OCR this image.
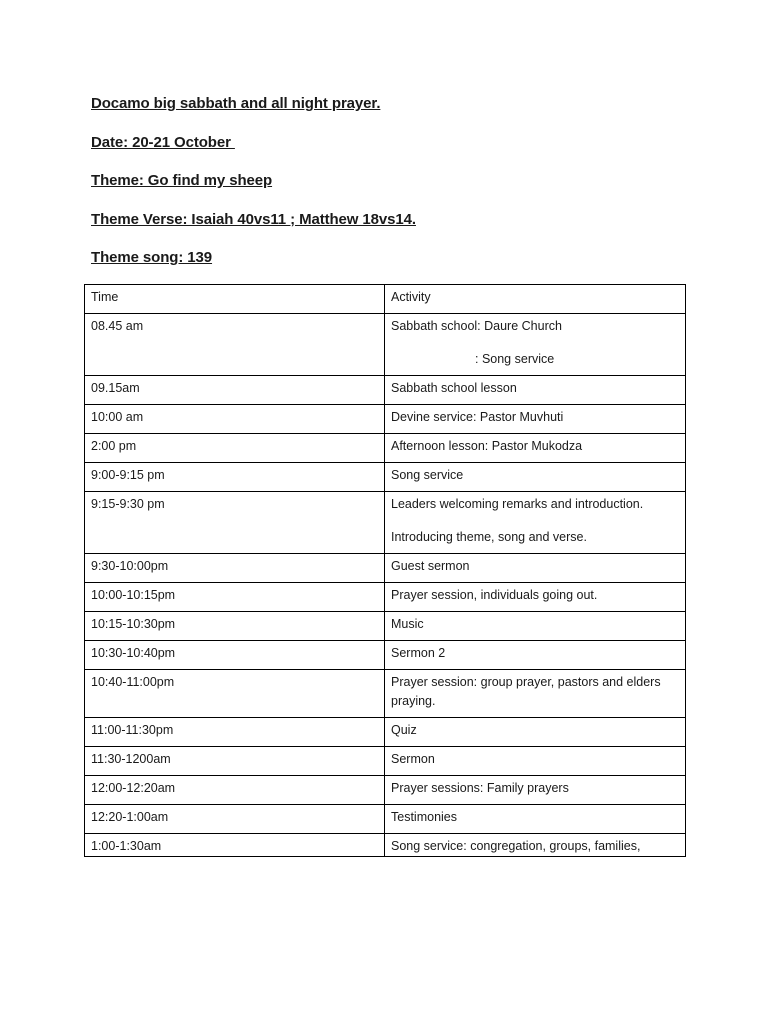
Docamo big sabbath and all night prayer.
Date: 20-21 October
Theme: Go find my sheep
Theme Verse: Isaiah 40vs11 ; Matthew 18vs14.
Theme song: 139
Time	Activity
08.45 am	Sabbath school: Daure Church
: Song service

09.15am	Sabbath school lesson

10:00 am	Devine service: Pastor Muvhuti

2:00 pm	Afternoon lesson: Pastor Mukodza

9:00-9:15 pm	Song service

9:15-9:30 pm	Leaders welcoming remarks and introduction.
Introducing theme, song and verse.

9:30-10:00pm	Guest sermon

10:00-10:15pm	Prayer session, individuals going out.

10:15-10:30pm	Music

10:30-10:40pm	Sermon 2

10:40-11:00pm	Prayer session: group prayer, pastors and elders praying.

11:00-11:30pm	Quiz

11:30-1200am	Sermon

12:00-12:20am	Prayer sessions: Family prayers

12:20-1:00am	Testimonies

1:00-1:30am	Song service: congregation, groups, families,
